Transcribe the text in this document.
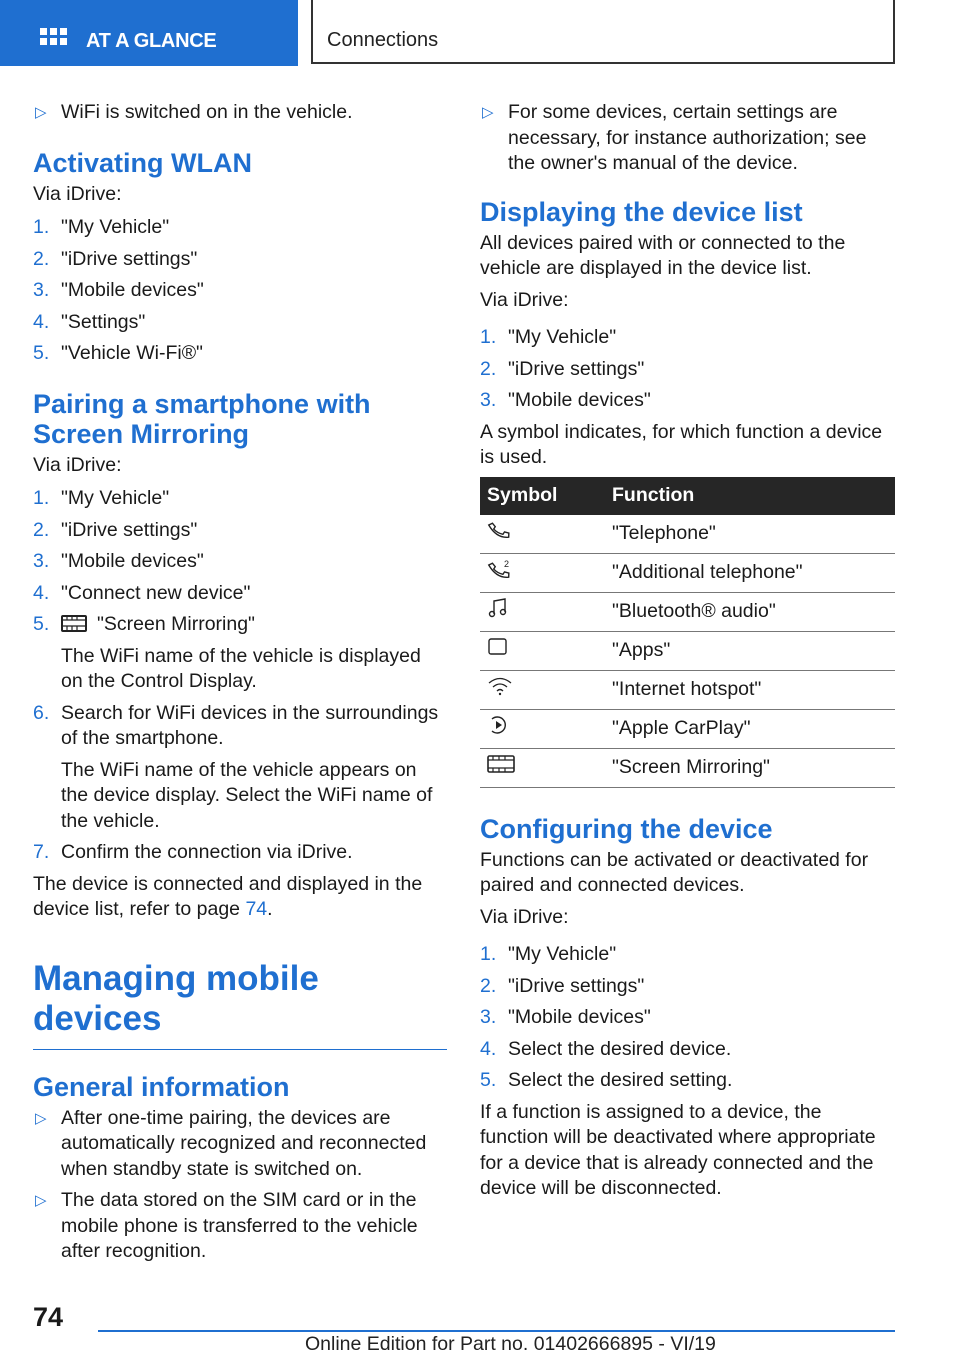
AT A GLANCE	Connections
▷ WiFi is switched on in the vehicle.
Activating WLAN
Via iDrive:
1. "My Vehicle"
2. "iDrive settings"
3. "Mobile devices"
4. "Settings"
5. "Vehicle Wi-Fi®"
Pairing a smartphone with
Screen Mirroring
Via iDrive:
1. "My Vehicle"
2. "iDrive settings"
3. "Mobile devices"
4. "Connect new device"
5. "Screen Mirroring"
The WiFi name of the vehicle is displayed on the Control Display.
6. Search for WiFi devices in the surroundings of the smartphone.
The WiFi name of the vehicle appears on the device display. Select the WiFi name of the vehicle.
7. Confirm the connection via iDrive.
The device is connected and displayed in the device list, refer to page 74.
Managing mobile devices
General information
▷ After one-time pairing, the devices are automatically recognized and reconnected when standby state is switched on.
▷ The data stored on the SIM card or in the mobile phone is transferred to the vehicle after recognition.
▷ For some devices, certain settings are necessary, for instance authorization; see the owner's manual of the device.
Displaying the device list
All devices paired with or connected to the vehicle are displayed in the device list.
Via iDrive:
1. "My Vehicle"
2. "iDrive settings"
3. "Mobile devices"
A symbol indicates, for which function a device is used.
Symbol	Function
	"Telephone"

2	"Additional telephone"
	"Bluetooth® audio"
	"Apps"
	"Internet hotspot"
	"Apple CarPlay"
	"Screen Mirroring"
Configuring the device
Functions can be activated or deactivated for paired and connected devices.
Via iDrive:
1. "My Vehicle"
2. "iDrive settings"
3. "Mobile devices"
4. Select the desired device.
5. Select the desired setting.
If a function is assigned to a device, the function will be deactivated where appropriate for a device that is already connected and the device will be disconnected.
74
Online Edition for Part no. 01402666895 - VI/19
